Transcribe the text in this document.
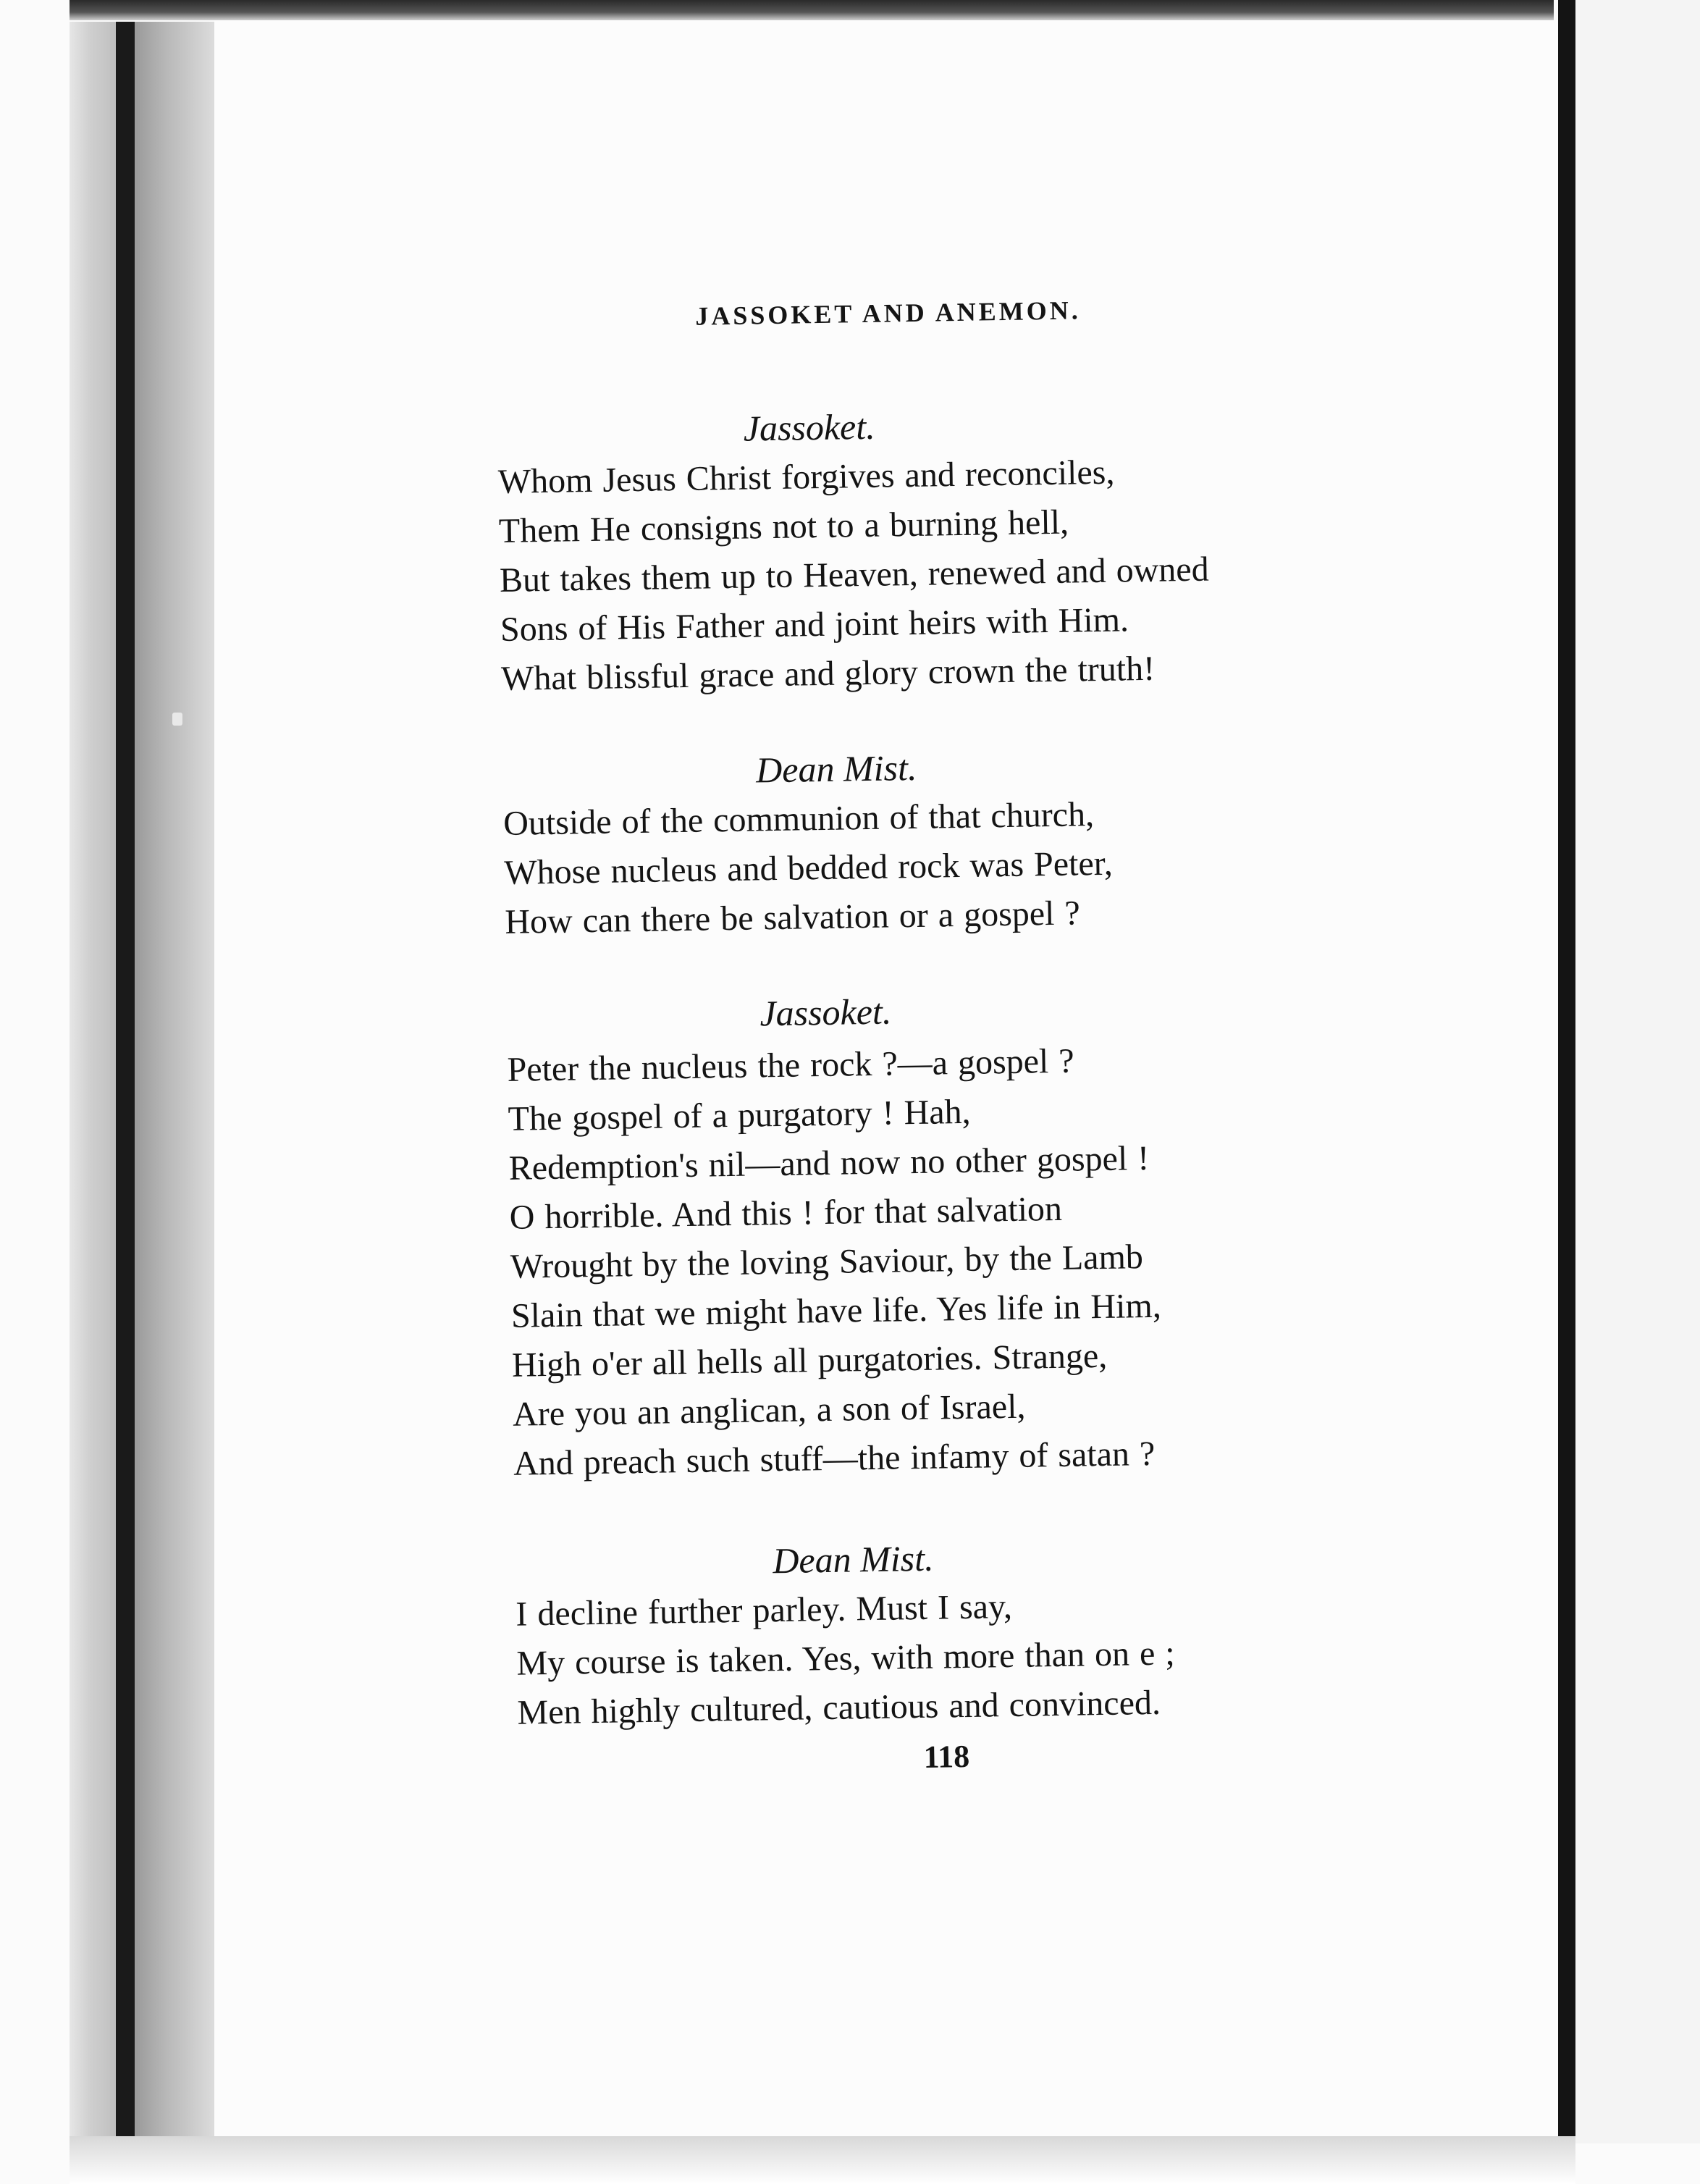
JASSOKET AND ANEMON.
Jassoket.
Whom Jesus Christ forgives and reconciles,
Them He consigns not to a burning hell,
But takes them up to Heaven, renewed and owned
Sons of His Father and joint heirs with Him.
What blissful grace and glory crown the truth!
Dean Mist.
Outside of the communion of that church,
Whose nucleus and bedded rock was Peter,
How can there be salvation or a gospel ?
Jassoket.
Peter the nucleus the rock ?—a gospel ?
The gospel of a purgatory ! Hah,
Redemption's nil—and now no other gospel !
O horrible. And this ! for that salvation
Wrought by the loving Saviour, by the Lamb
Slain that we might have life. Yes life in Him,
High o'er all hells all purgatories. Strange,
Are you an anglican, a son of Israel,
And preach such stuff—the infamy of satan ?
Dean Mist.
I decline further parley. Must I say,
My course is taken. Yes, with more than on e ;
Men highly cultured, cautious and convinced.
118
